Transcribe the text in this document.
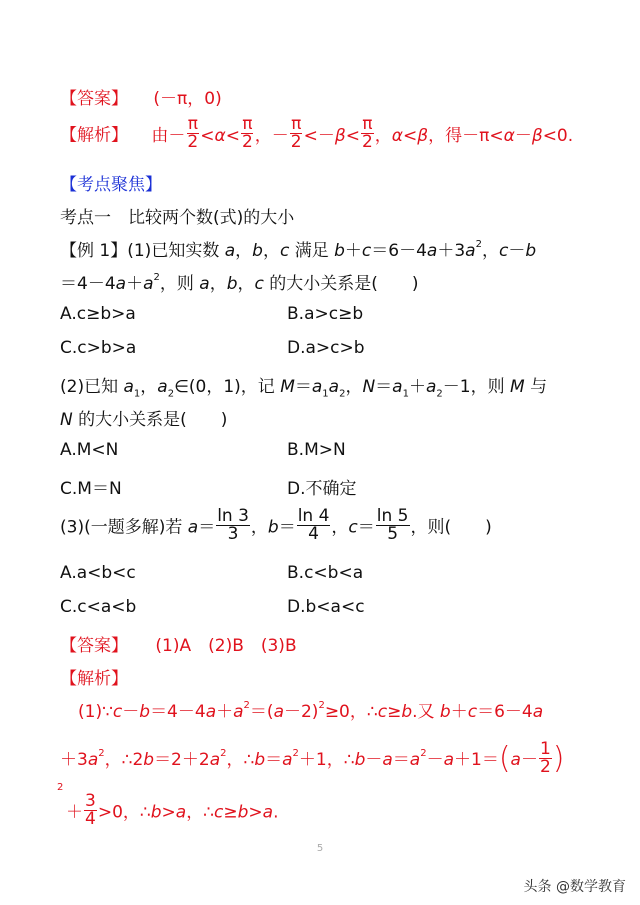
【答案】 (－π，0)
【解析】 由－ $\frac{\pi}{2} <\alpha< \frac{\pi}{2}$ ，－ $\frac{\pi}{2} <-\beta< \frac{\pi}{2}$ ，α<β，得－π<α－β<0.
【考点聚焦】
考点一　比较两个数(式)的大小
【例 1】(1)已知实数 a，b，c 满足 $b+c=6-4a+3a^2$，c－b
$=4-4a+a^2$，则 a，b，c 的大小关系是(　　)
A.c≥b>a	B.a>c≥b
C.c>b>a	D.a>c>b
(2)已知 $a_1$，$a_2\in(0$，1)，记 $M=a_1a_2$，$N=a_1+a_2-1$，则 M 与
N 的大小关系是(　　)
A.M<N	B.M>N
C.M＝N	D.不确定
(3)(一题多解)若 $a= \frac{\ln 3}{3}$ ，$b= \frac{\ln 4}{4}$ ，$c= \frac{\ln 5}{5}$ ，则(　　)
A.a<b<c	B.c<b<a
C.c<a<b	D.b<a<c
【答案】 (1)A　(2)B　(3)B
【解析】
$(1)\because c-b=4-4a+a^2=(a-2)^2\ge 0$，∴c≥b.又 b＋c＝6－4a
$+3a^2$，$\therefore 2b=2+2a^2$，$\therefore b=a^2+1$，$\therefore b-a=a^2-a+1=(a- \frac{1}{2}$ )
2
＋ $\frac{3}{4} >0$，∴b>a，∴c≥b>a.
5
头条 @数学教育
